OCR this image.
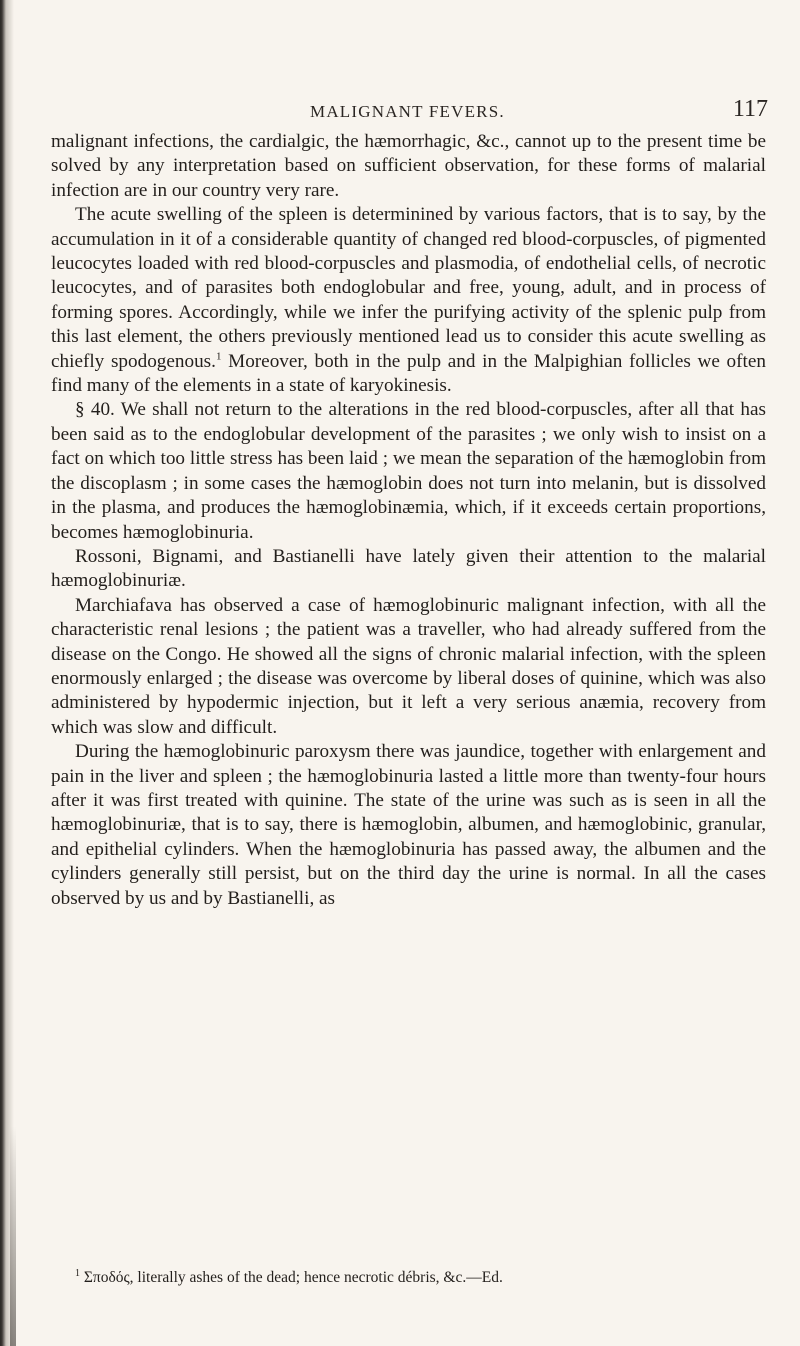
MALIGNANT FEVERS.	117

malignant infections, the cardialgic, the hæmorrhagic, &c., cannot up to the present time be solved by any interpretation based on sufficient observation, for these forms of malarial infection are in our country very rare.

The acute swelling of the spleen is determinined by various factors, that is to say, by the accumulation in it of a considerable quantity of changed red blood-corpuscles, of pigmented leucocytes loaded with red blood-corpuscles and plasmodia, of endothelial cells, of necrotic leucocytes, and of parasites both endoglobular and free, young, adult, and in process of forming spores. Accordingly, while we infer the purifying activity of the splenic pulp from this last element, the others previously mentioned lead us to consider this acute swelling as chiefly spodogenous.$^1$ Moreover, both in the pulp and in the Malpighian follicles we often find many of the elements in a state of karyokinesis.

§ 40. We shall not return to the alterations in the red blood-corpuscles, after all that has been said as to the endoglobular development of the parasites ; we only wish to insist on a fact on which too little stress has been laid ; we mean the separation of the hæmoglobin from the discoplasm ; in some cases the hæmoglobin does not turn into melanin, but is dissolved in the plasma, and produces the hæmoglobinæmia, which, if it exceeds certain proportions, becomes hæmoglobinuria.

Rossoni, Bignami, and Bastianelli have lately given their attention to the malarial hæmoglobinuriæ.

Marchiafava has observed a case of hæmoglobinuric malignant infection, with all the characteristic renal lesions ; the patient was a traveller, who had already suffered from the disease on the Congo. He showed all the signs of chronic malarial infection, with the spleen enormously enlarged ; the disease was overcome by liberal doses of quinine, which was also administered by hypodermic injection, but it left a very serious anæmia, recovery from which was slow and difficult.

During the hæmoglobinuric paroxysm there was jaundice, together with enlargement and pain in the liver and spleen ; the hæmoglobinuria lasted a little more than twenty-four hours after it was first treated with quinine. The state of the urine was such as is seen in all the hæmoglobinuriæ, that is to say, there is hæmoglobin, albumen, and hæmoglobinic, granular, and epithelial cylinders. When the hæmoglobinuria has passed away, the albumen and the cylinders generally still persist, but on the third day the urine is normal. In all the cases observed by us and by Bastianelli, as

$^1$ Σποδός, literally ashes of the dead; hence necrotic débris, &c.—Ed.
